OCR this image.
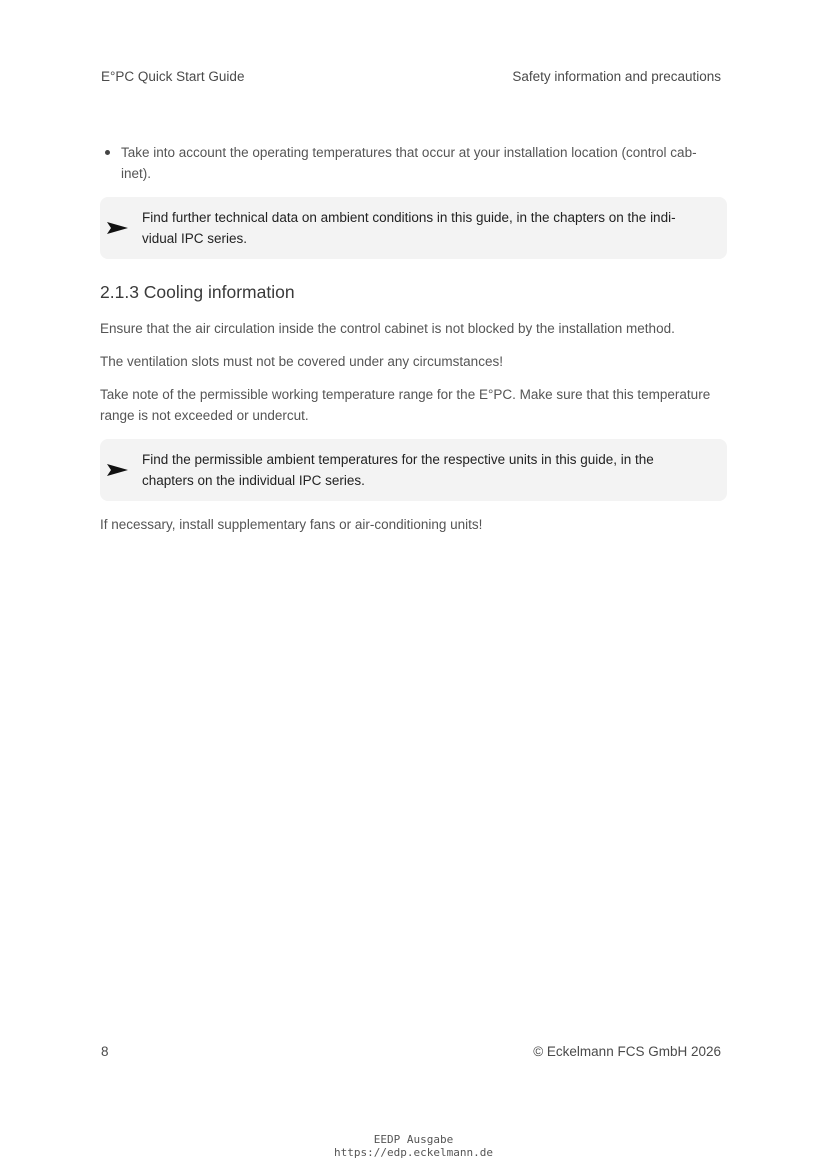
E°PC Quick Start Guide	Safety information and precautions
Take into account the operating temperatures that occur at your installation location (control cab-inet).
Find further technical data on ambient conditions in this guide, in the chapters on the indi-vidual IPC series.
2.1.3 Cooling information

Ensure that the air circulation inside the control cabinet is not blocked by the installation method.

The ventilation slots must not be covered under any circumstances!

Take note of the permissible working temperature range for the E°PC. Make sure that this temperature range is not exceeded or undercut.

Find the permissible ambient temperatures for the respective units in this guide, in the chapters on the individual IPC series.

If necessary, install supplementary fans or air-conditioning units!

8	© Eckelmann FCS GmbH 2026
EEDP Ausgabe
https://edp.eckelmann.de
